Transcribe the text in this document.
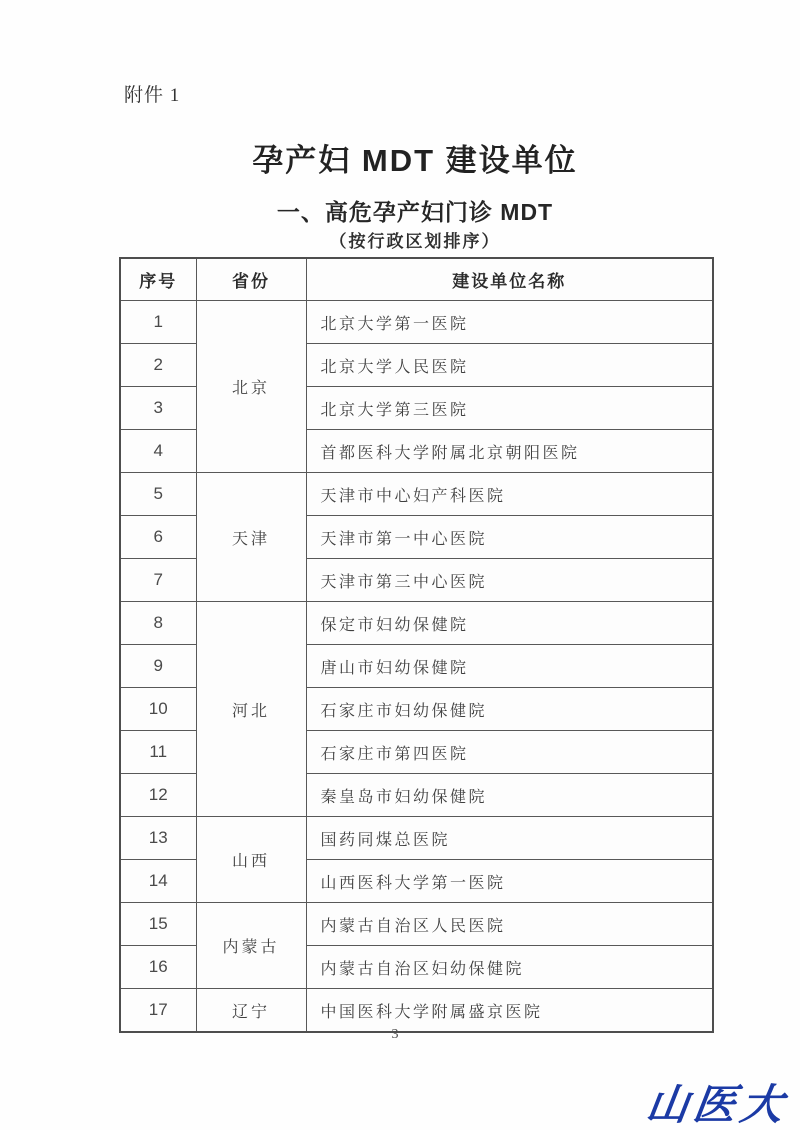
附件 1
孕产妇 MDT 建设单位
一、高危孕产妇门诊 MDT
（按行政区划排序）
序号	省份	建设单位名称
1	北京	北京大学第一医院
2		北京大学人民医院
3		北京大学第三医院
4		首都医科大学附属北京朝阳医院
5	天津	天津市中心妇产科医院
6		天津市第一中心医院
7		天津市第三中心医院
8	河北	保定市妇幼保健院
9		唐山市妇幼保健院
10		石家庄市妇幼保健院
11		石家庄市第四医院
12		秦皇岛市妇幼保健院
13	山西	国药同煤总医院
14		山西医科大学第一医院
15	内蒙古	内蒙古自治区人民医院
16		内蒙古自治区妇幼保健院
17	辽宁	中国医科大学附属盛京医院
3
山医大
